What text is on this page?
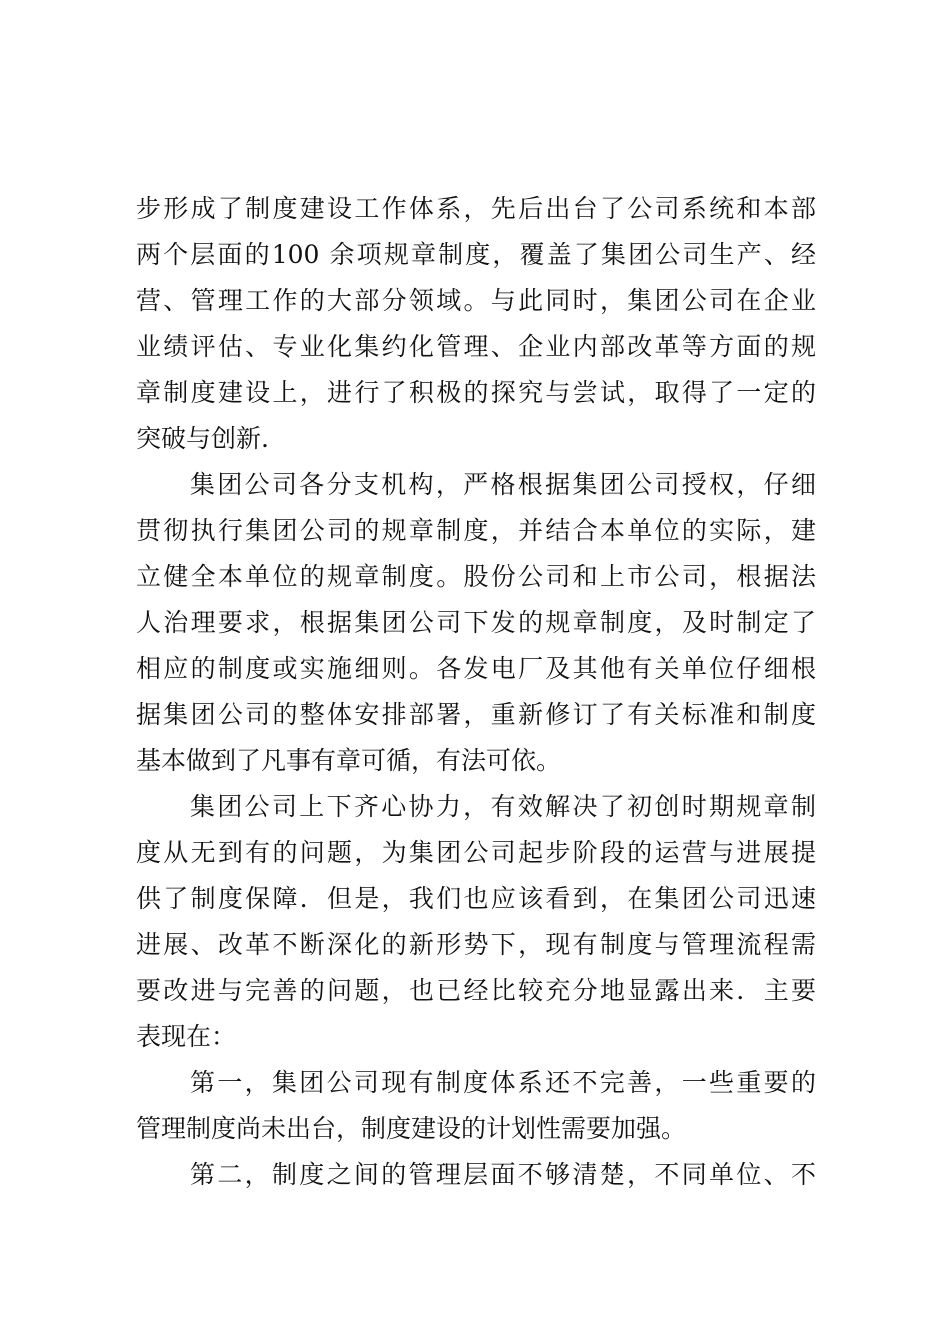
步形成了制度建设工作体系，先后出台了公司系统和本部
两个层面的100 余项规章制度，覆盖了集团公司生产、经
营、管理工作的大部分领域。与此同时，集团公司在企业
业绩评估、专业化集约化管理、企业内部改革等方面的规
章制度建设上，进行了积极的探究与尝试，取得了一定的
突破与创新.
集团公司各分支机构，严格根据集团公司授权，仔细
贯彻执行集团公司的规章制度，并结合本单位的实际，建
立健全本单位的规章制度。股份公司和上市公司，根据法
人治理要求，根据集团公司下发的规章制度，及时制定了
相应的制度或实施细则。各发电厂及其他有关单位仔细根
据集团公司的整体安排部署，重新修订了有关标准和制度
基本做到了凡事有章可循，有法可依。
集团公司上下齐心协力，有效解决了初创时期规章制
度从无到有的问题，为集团公司起步阶段的运营与进展提
供了制度保障．但是，我们也应该看到，在集团公司迅速
进展、改革不断深化的新形势下，现有制度与管理流程需
要改进与完善的问题，也已经比较充分地显露出来．主要
表现在：
第一，集团公司现有制度体系还不完善，一些重要的
管理制度尚未出台，制度建设的计划性需要加强。
第二，制度之间的管理层面不够清楚，不同单位、不
